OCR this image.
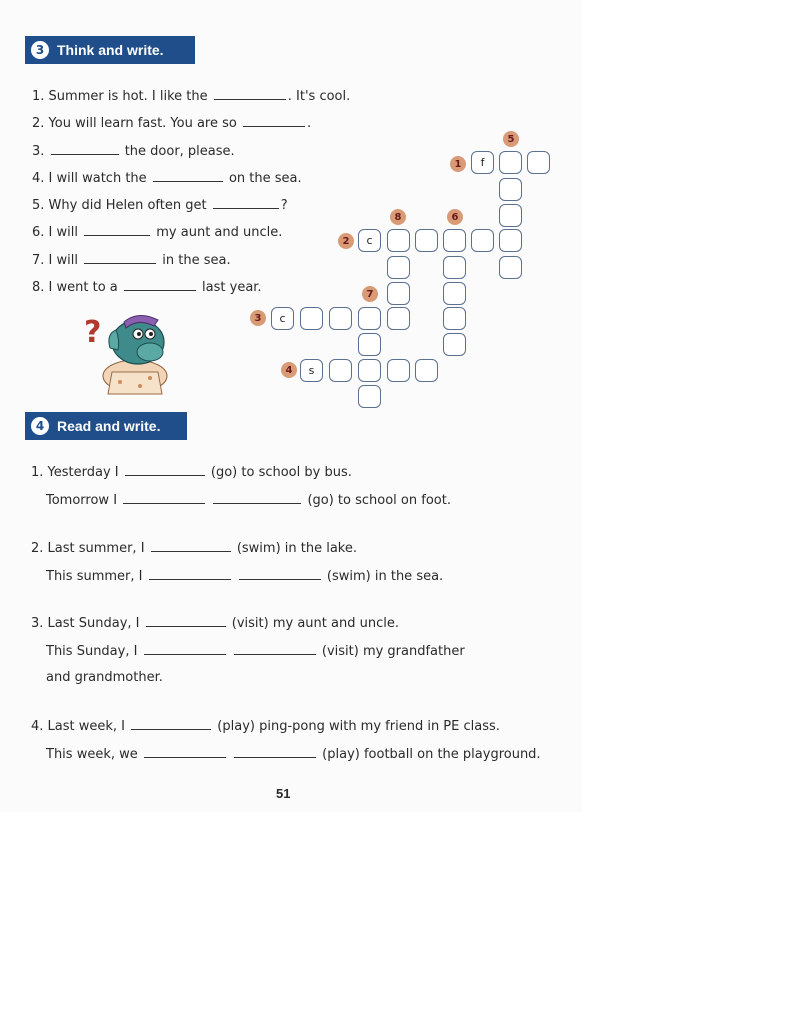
3 Think and write.
1. Summer is hot. I like the	. It's cool.
2. You will learn fast. You are so	.
3.	the door, please.
4. I will watch the	on the sea.
5. Why did Helen often get	?
6. I will	my aunt and uncle.
7. I will	in the sea.
8. I went to a	last year.
?
1
2
3
4
5
6
7
8
f
c
c
s
4 Read and write.
1. Yesterday I	(go) to school by bus.
Tomorrow I	(go) to school on foot.
2. Last summer, I	(swim) in the lake.
This summer, I	(swim) in the sea.
3. Last Sunday, I	(visit) my aunt and uncle.
This Sunday, I	(visit) my grandfather
and grandmother.
4. Last week, I	(play) ping-pong with my friend in PE class.
This week, we	(play) football on the playground.
51
